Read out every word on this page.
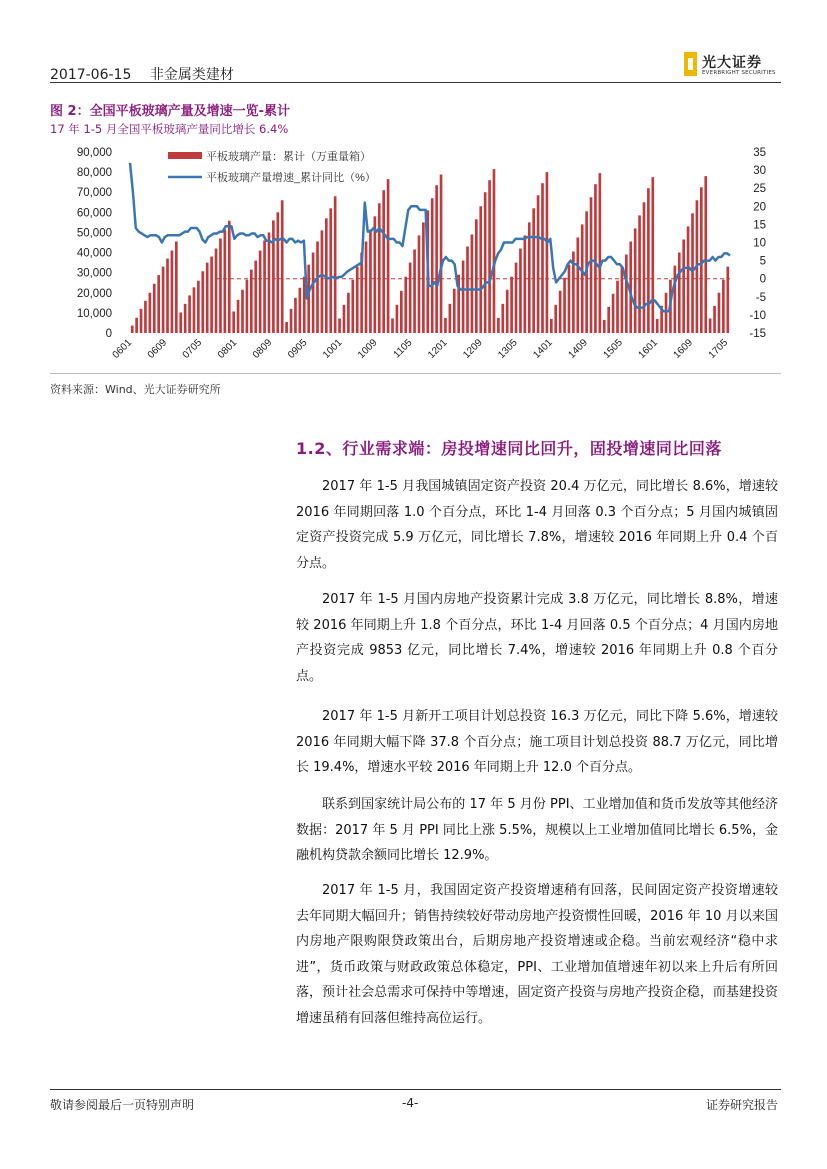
2017-06-15 非金属类建材
光大证券
EVERBRIGHT SECURITIES
图 2：全国平板玻璃产量及增速一览-累计
17 年 1-5 月全国平板玻璃产量同比增长 6.4%
0
10,000
20,000
30,000
40,000
50,000
60,000
70,000
80,000
90,000	35
30
25
20
15
10
5
0
-5
-10
-15
0601 0609 0705 0801 0809 0905 1001 1009 1105 1201 1209 1305 1401 1409 1505 1601 1609 1705
平板玻璃产量：累计（万重量箱）
平板玻璃产量增速_累计同比（%）
资料来源：Wind、光大证券研究所
1.2、行业需求端：房投增速同比回升，固投增速同比回落

2017 年 1-5 月我国城镇固定资产投资 20.4 万亿元，同比增长 8.6%，增速较 2016 年同期回落 1.0 个百分点，环比 1-4 月回落 0.3 个百分点；5 月国内城镇固定资产投资完成 5.9 万亿元，同比增长 7.8%，增速较 2016 年同期上升 0.4 个百分点。

2017 年 1-5 月国内房地产投资累计完成 3.8 万亿元，同比增长 8.8%，增速较 2016 年同期上升 1.8 个百分点，环比 1-4 月回落 0.5 个百分点；4 月国内房地产投资完成 9853 亿元，同比增长 7.4%，增速较 2016 年同期上升 0.8 个百分点。

2017 年 1-5 月新开工项目计划总投资 16.3 万亿元，同比下降 5.6%，增速较 2016 年同期大幅下降 37.8 个百分点；施工项目计划总投资 88.7 万亿元，同比增长 19.4%，增速水平较 2016 年同期上升 12.0 个百分点。

联系到国家统计局公布的 17 年 5 月份 PPI、工业增加值和货币发放等其他经济数据：2017 年 5 月 PPI 同比上涨 5.5%，规模以上工业增加值同比增长 6.5%，金融机构贷款余额同比增长 12.9%。

2017 年 1-5 月，我国固定资产投资增速稍有回落，民间固定资产投资增速较去年同期大幅回升；销售持续较好带动房地产投资惯性回暖，2016 年 10 月以来国内房地产限购限贷政策出台，后期房地产投资增速或企稳。当前宏观经济“稳中求进”，货币政策与财政政策总体稳定，PPI、工业增加值增速年初以来上升后有所回落，预计社会总需求可保持中等增速，固定资产投资与房地产投资企稳，而基建投资增速虽稍有回落但维持高位运行。

敬请参阅最后一页特别声明	-4-	证券研究报告
